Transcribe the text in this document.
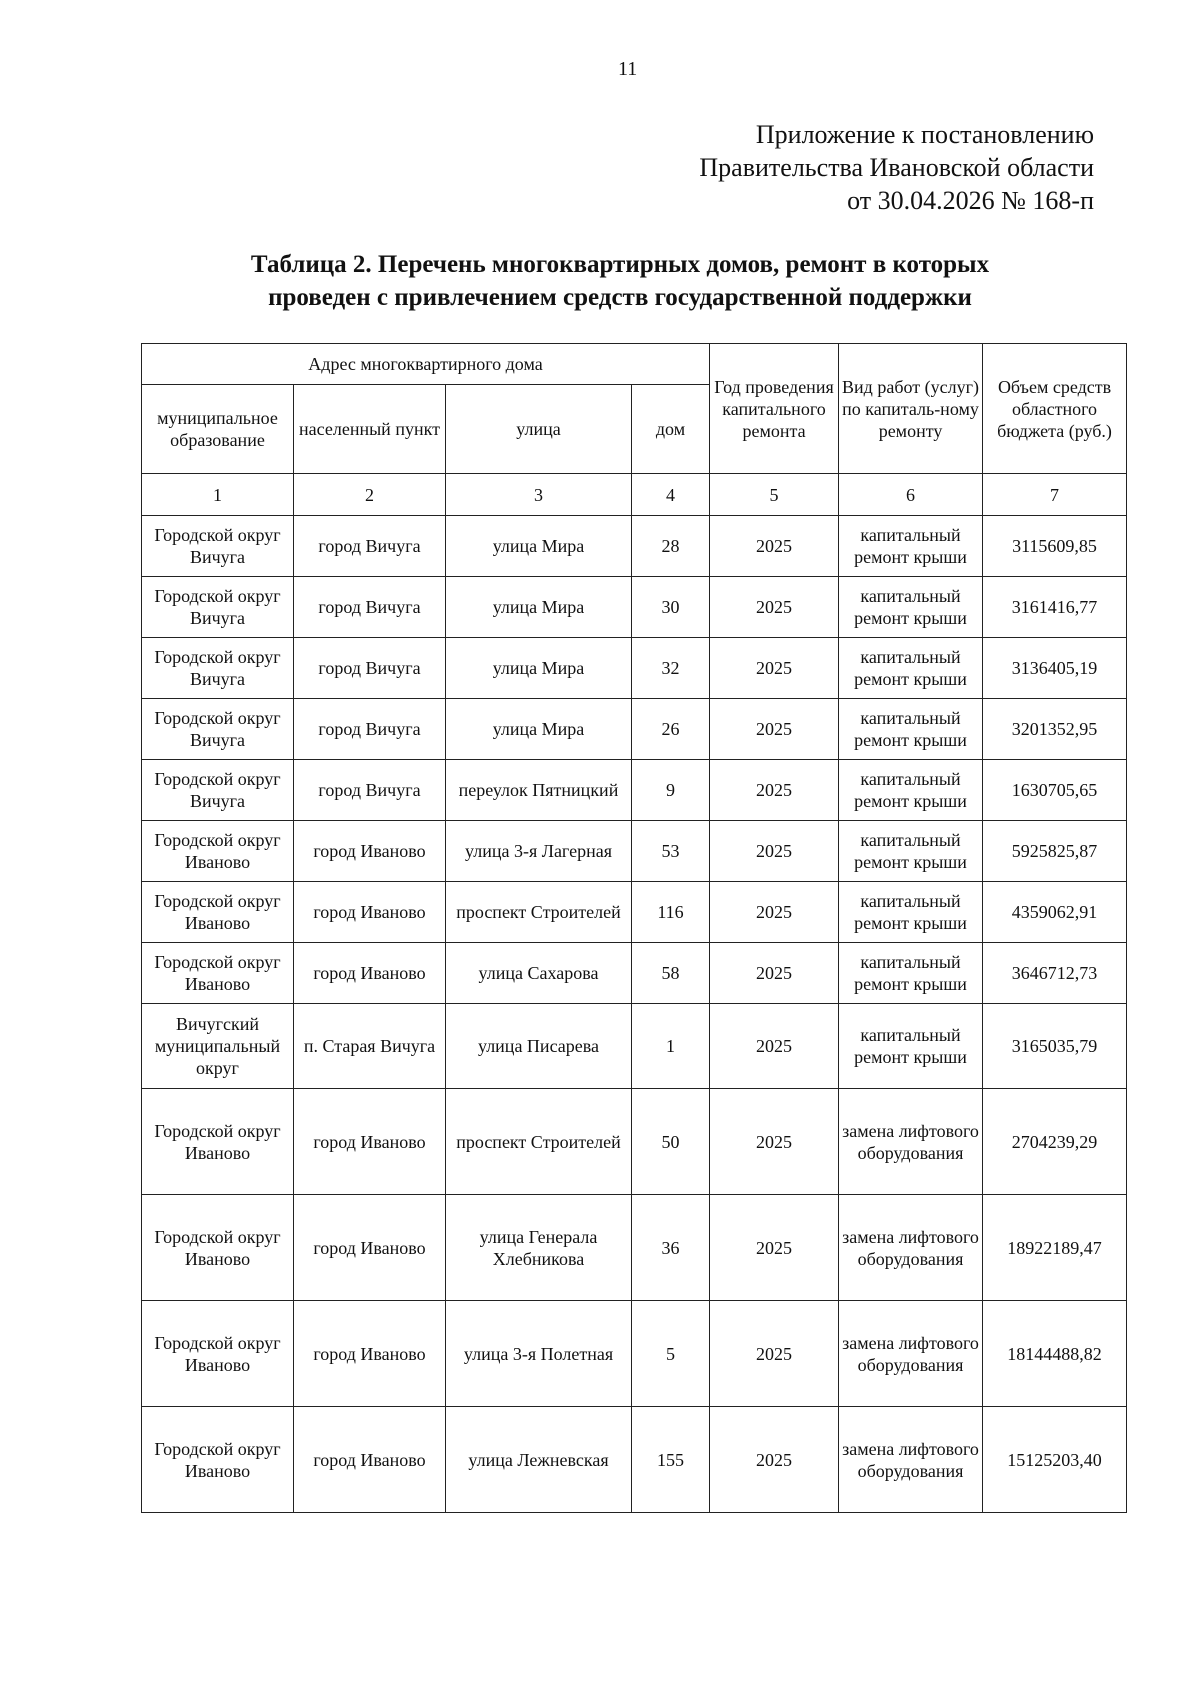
11
Приложение к постановлению
Правительства Ивановской области
от 30.04.2026 № 168-п
Таблица 2. Перечень многоквартирных домов, ремонт в которых
проведен с привлечением средств государственной поддержки
Адрес многоквартирного дома				Год проведения капитального ремонта	Вид работ (услуг) по капиталь-ному ремонту	Объем средств областного бюджета (руб.)
муниципальное образование	населенный пункт	улица	дом			
1	2	3	4	5	6	7
Городской округ Вичуга	город Вичуга	улица Мира	28	2025	капитальный ремонт крыши	3115609,85
Городской округ Вичуга	город Вичуга	улица Мира	30	2025	капитальный ремонт крыши	3161416,77
Городской округ Вичуга	город Вичуга	улица Мира	32	2025	капитальный ремонт крыши	3136405,19
Городской округ Вичуга	город Вичуга	улица Мира	26	2025	капитальный ремонт крыши	3201352,95
Городской округ Вичуга	город Вичуга	переулок Пятницкий	9	2025	капитальный ремонт крыши	1630705,65
Городской округ Иваново	город Иваново	улица 3-я Лагерная	53	2025	капитальный ремонт крыши	5925825,87
Городской округ Иваново	город Иваново	проспект Строителей	116	2025	капитальный ремонт крыши	4359062,91
Городской округ Иваново	город Иваново	улица Сахарова	58	2025	капитальный ремонт крыши	3646712,73
Вичугский муниципальный округ	п. Старая Вичуга	улица Писарева	1	2025	капитальный ремонт крыши	3165035,79
Городской округ Иваново	город Иваново	проспект Строителей	50	2025	замена лифтового оборудования	2704239,29
Городской округ Иваново	город Иваново	улица Генерала Хлебникова	36	2025	замена лифтового оборудования	18922189,47
Городской округ Иваново	город Иваново	улица 3-я Полетная	5	2025	замена лифтового оборудования	18144488,82
Городской округ Иваново	город Иваново	улица Лежневская	155	2025	замена лифтового оборудования	15125203,40
